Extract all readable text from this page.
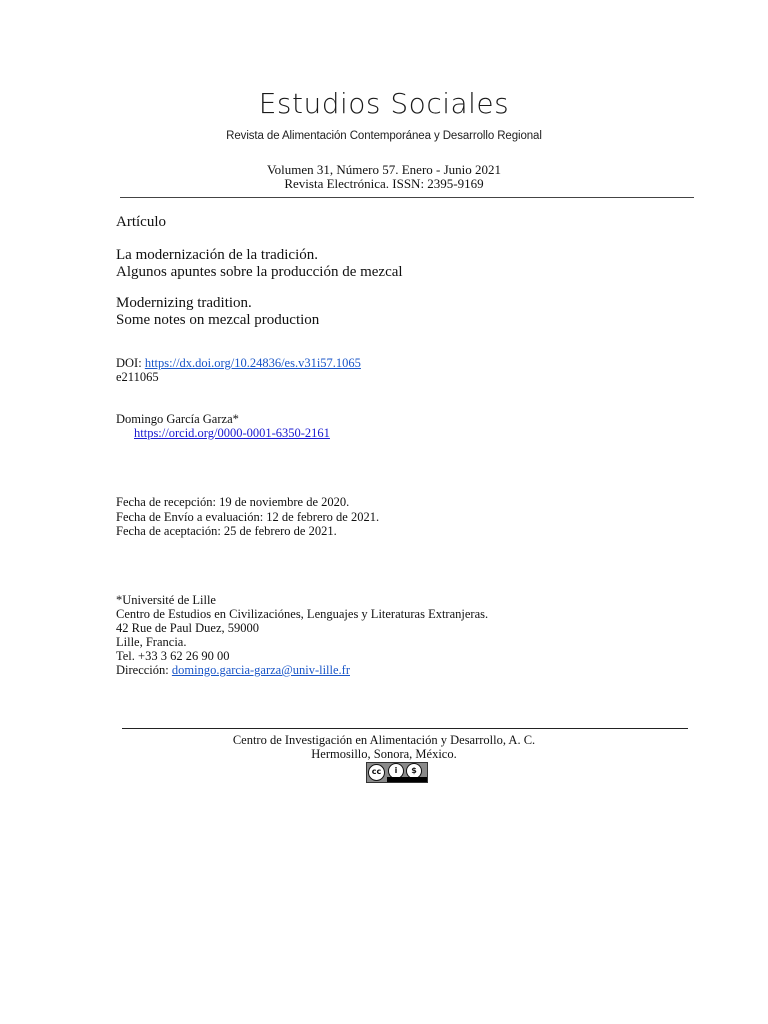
Estudios Sociales
Revista de Alimentación Contemporánea y Desarrollo Regional
Volumen 31, Número 57. Enero - Junio 2021
Revista Electrónica. ISSN: 2395-9169
Artículo
La modernización de la tradición.
Algunos apuntes sobre la producción de mezcal
Modernizing tradition.
Some notes on mezcal production
DOI: https://dx.doi.org/10.24836/es.v31i57.1065
e211065
Domingo García Garza*
https://orcid.org/0000-0001-6350-2161
Fecha de recepción: 19 de noviembre de 2020.
Fecha de Envío a evaluación: 12 de febrero de 2021.
Fecha de aceptación: 25 de febrero de 2021.
*Université de Lille
Centro de Estudios en Civilizaciónes, Lenguajes y Literaturas Extranjeras.
42 Rue de Paul Duez, 59000
Lille, Francia.
Tel. +33 3 62 26 90 00
Dirección: domingo.garcia-garza@univ-lille.fr
Centro de Investigación en Alimentación y Desarrollo, A. C.
Hermosillo, Sonora, México.
cc	i	$
